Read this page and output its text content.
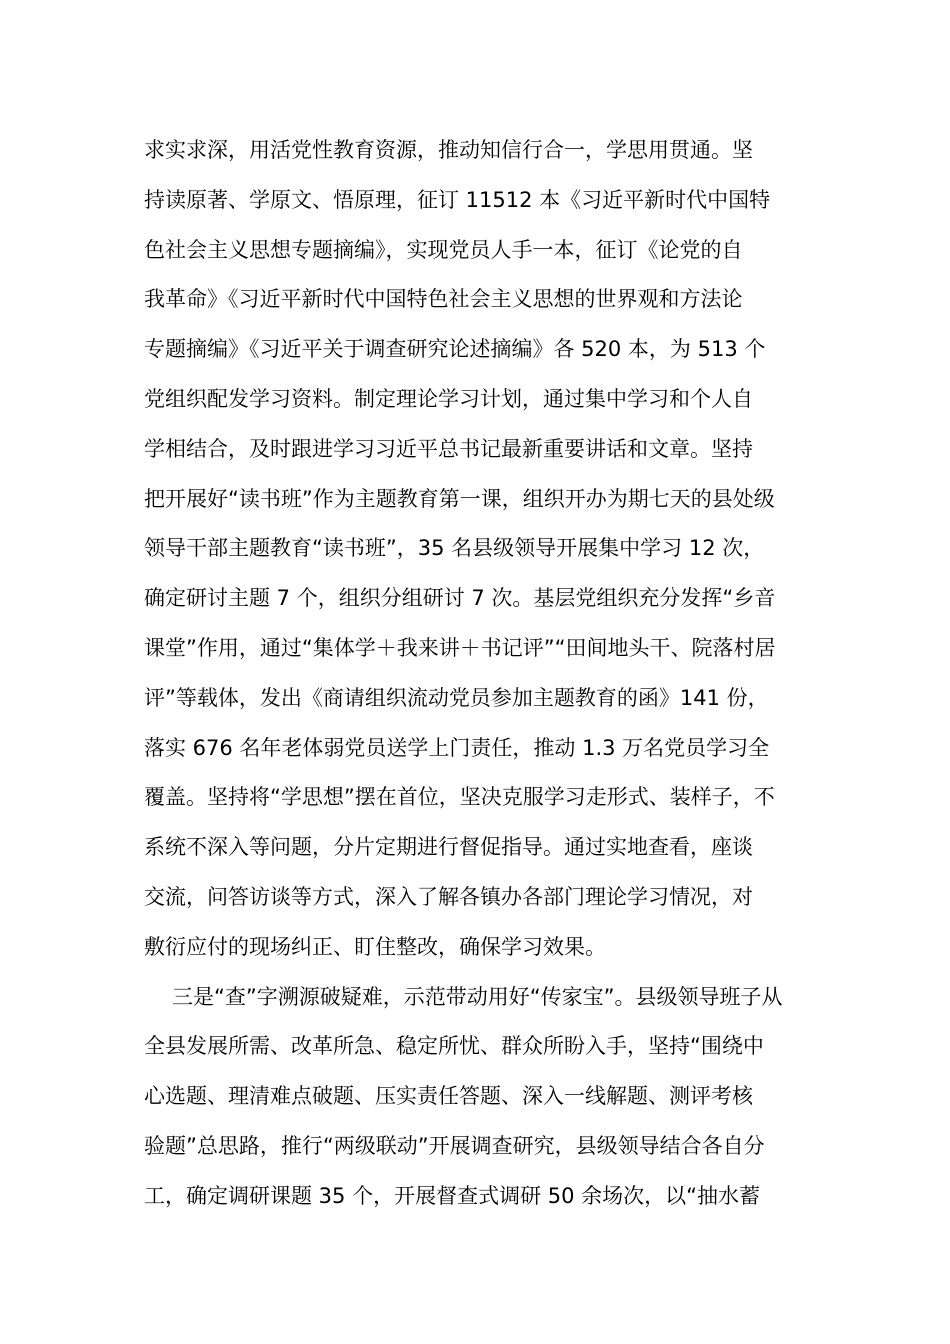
求实求深，用活党性教育资源，推动知信行合一，学思用贯通。坚
持读原著、学原文、悟原理，征订 11512 本《习近平新时代中国特
色社会主义思想专题摘编》，实现党员人手一本，征订《论党的自
我革命》《习近平新时代中国特色社会主义思想的世界观和方法论
专题摘编》《习近平关于调查研究论述摘编》各 520 本，为 513 个
党组织配发学习资料。制定理论学习计划，通过集中学习和个人自
学相结合，及时跟进学习习近平总书记最新重要讲话和文章。坚持
把开展好“读书班”作为主题教育第一课，组织开办为期七天的县处级
领导干部主题教育“读书班”，35 名县级领导开展集中学习 12 次，
确定研讨主题 7 个，组织分组研讨 7 次。基层党组织充分发挥“乡音
课堂”作用，通过“集体学＋我来讲＋书记评”“田间地头干、院落村居
评”等载体，发出《商请组织流动党员参加主题教育的函》141 份，
落实 676 名年老体弱党员送学上门责任，推动 1.3 万名党员学习全
覆盖。坚持将“学思想”摆在首位，坚决克服学习走形式、装样子，不
系统不深入等问题，分片定期进行督促指导。通过实地查看，座谈
交流，问答访谈等方式，深入了解各镇办各部门理论学习情况，对
敷衍应付的现场纠正、盯住整改，确保学习效果。
三是“查”字溯源破疑难，示范带动用好“传家宝”。县级领导班子从
全县发展所需、改革所急、稳定所忧、群众所盼入手，坚持“围绕中
心选题、理清难点破题、压实责任答题、深入一线解题、测评考核
验题”总思路，推行“两级联动”开展调查研究，县级领导结合各自分
工，确定调研课题 35 个，开展督查式调研 50 余场次，以“抽水蓄
